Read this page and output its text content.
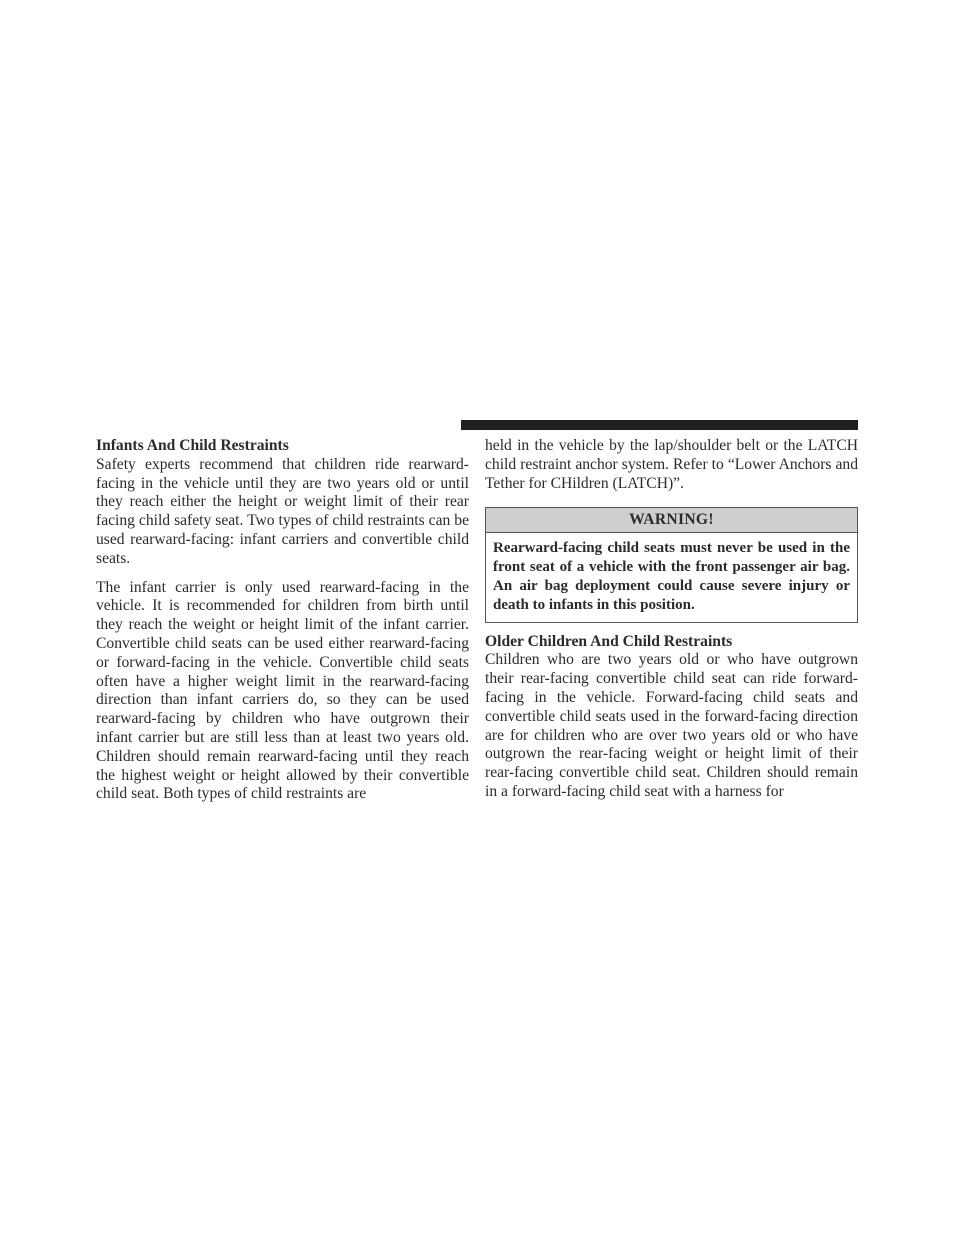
Infants And Child Restraints

Safety experts recommend that children ride rearward-facing in the vehicle until they are two years old or until they reach either the height or weight limit of their rear facing child safety seat. Two types of child restraints can be used rearward-facing: infant carriers and convertible child seats.

The infant carrier is only used rearward-facing in the vehicle. It is recommended for children from birth until they reach the weight or height limit of the infant carrier. Convertible child seats can be used either rearward-facing or forward-facing in the vehicle. Convertible child seats often have a higher weight limit in the rearward-facing direction than infant carriers do, so they can be used rearward-facing by children who have outgrown their infant carrier but are still less than at least two years old. Children should remain rearward-facing until they reach the highest weight or height allowed by their convertible child seat. Both types of child restraints are

held in the vehicle by the lap/shoulder belt or the LATCH child restraint anchor system. Refer to “Lower Anchors and Tether for CHildren (LATCH)”.

WARNING!
Rearward-facing child seats must never be used in the front seat of a vehicle with the front passenger air bag. An air bag deployment could cause severe injury or death to infants in this position.
Older Children And Child Restraints

Children who are two years old or who have outgrown their rear-facing convertible child seat can ride forward-facing in the vehicle. Forward-facing child seats and convertible child seats used in the forward-facing direction are for children who are over two years old or who have outgrown the rear-facing weight or height limit of their rear-facing convertible child seat. Children should remain in a forward-facing child seat with a harness for
